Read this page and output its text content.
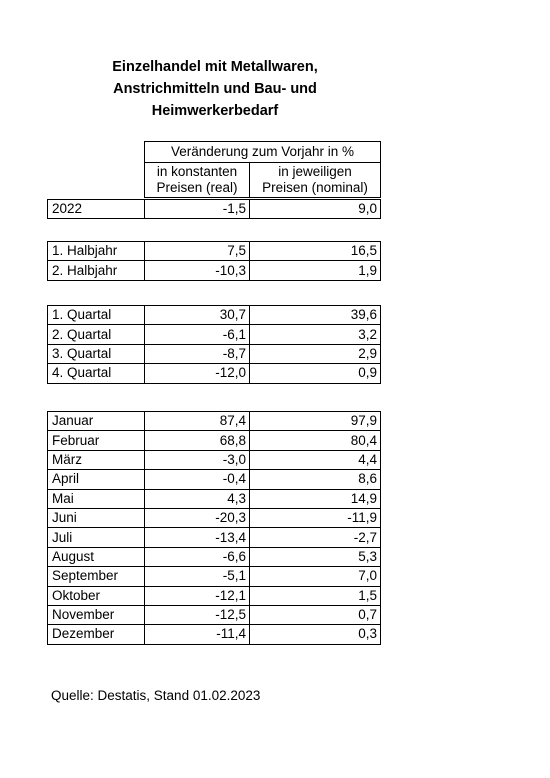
Einzelhandel mit Metallwaren,
Anstrichmitteln und Bau- und
Heimwerkerbedarf
Veränderung zum Vorjahr in %

in konstanten
Preisen (real)

in jeweiligen
Preisen (nominal)
2022	-1,5	9,0
1. Halbjahr	7,5	16,5
2. Halbjahr	-10,3	1,9
1. Quartal	30,7	39,6
2. Quartal	-6,1	3,2
3. Quartal	-8,7	2,9
4. Quartal	-12,0	0,9
Januar	87,4	97,9
Februar	68,8	80,4
März	-3,0	4,4
April	-0,4	8,6
Mai	4,3	14,9
Juni	-20,3	-11,9
Juli	-13,4	-2,7
August	-6,6	5,3
September	-5,1	7,0
Oktober	-12,1	1,5
November	-12,5	0,7
Dezember	-11,4	0,3
Quelle: Destatis, Stand 01.02.2023
